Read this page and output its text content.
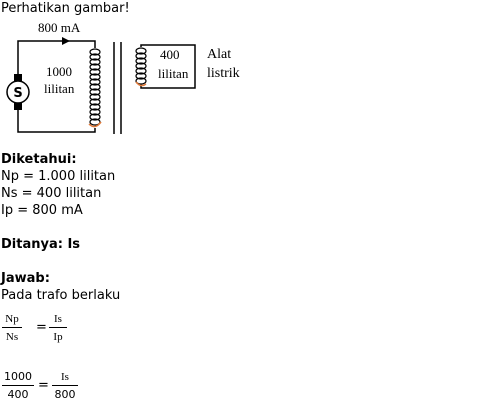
Perhatikan gambar!
S
800 mA
1000
lilitan
400
lilitan
Alat
listrik
Diketahui:
Np = 1.000 lilitan
Ns = 400 lilitan
Ip = 800 mA
Ditanya: Is
Jawab:
Pada trafo berlaku
Np
Ns
=
Is
Ip
1000
400
=
Is
800
